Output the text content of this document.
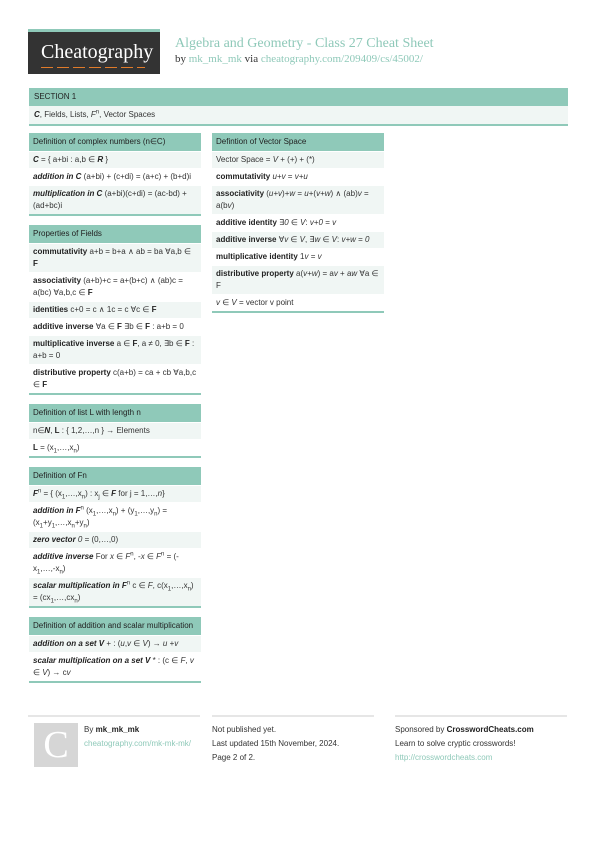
Cheatography Algebra and Geometry - Class 27 Cheat Sheet
by mk_mk_mk via cheatography.com/209409/cs/45002/
SECTION 1
C, Fields, Lists, $F^n$, Vector Spaces
Definition of complex numbers (n∈C)
C = { a+bi : a,b ∈ R }
addition in C (a+bi) + (c+di) = (a+c) + (b+d)i
multiplication in C (a+bi)(c+di) = (ac-bd) + (ad+bc)i
Properties of Fields
commutativity a+b = b+a ∧ ab = ba ∀a,b ∈ F
associativity (a+b)+c = a+(b+c) ∧ (ab)c = a(bc) ∀a,b,c ∈ F
identities c+0 = c ∧ 1c = c ∀c ∈ F
additive inverse ∀a ∈ F ∃b ∈ F : a+b = 0
multiplicative inverse a ∈ F, a ≠ 0, ∃b ∈ F : a+b = 0
distributive property c(a+b) = ca + cb ∀a,b,c ∈ F
Definition of list L with length n
n∈N, L : { 1,2,…,n } → Elements
$L = (x_1,\dots,x_n)$
Definition of Fn
$F^n$ = { $(x_1,\dots,x_n)$ : $x_j$ ∈ F for j = 1,…,n}
addition in $F^n$ $(x_1,\dots,x_n)$ + $(y_1,\dots,y_n)$ = $(x_1+y_1,\dots,x_n+y_n)$
zero vector 0 = (0,…,0)
additive inverse For x ∈ $F^n$, -x ∈ $F^n$ = $(-x_1,\dots,-x_n)$
scalar multiplication in $F^n$ c ∈ F, $c(x_1,\dots,x_n)$ = $(cx_1,\dots,cx_n)$
Definition of addition and scalar multiplication
addition on a set V + : (u,v ∈ V) → u +v
scalar multiplication on a set V * : (c ∈ F, v ∈ V) → cv
Defintion of Vector Space
Vector Space = V + (+) + (*)
commutativity u+v = v+u
associativity (u+v)+w = u+(v+w) ∧ (ab)v = a(bv)
additive identity ∃0 ∈ V: v+0 = v
additive inverse ∀v ∈ V, ∃w ∈ V: v+w = 0
multiplicative identity 1v = v
distributive property a(v+w) = av + aw ∀a ∈ F
v ∈ V = vector v point
By mk_mk_mk
cheatography.com/mk-mk-mk/
C	Not published yet.
Last updated 15th November, 2024.
Page 2 of 2.
Sponsored by CrosswordCheats.com
Learn to solve cryptic crosswords!
http://crosswordcheats.com
